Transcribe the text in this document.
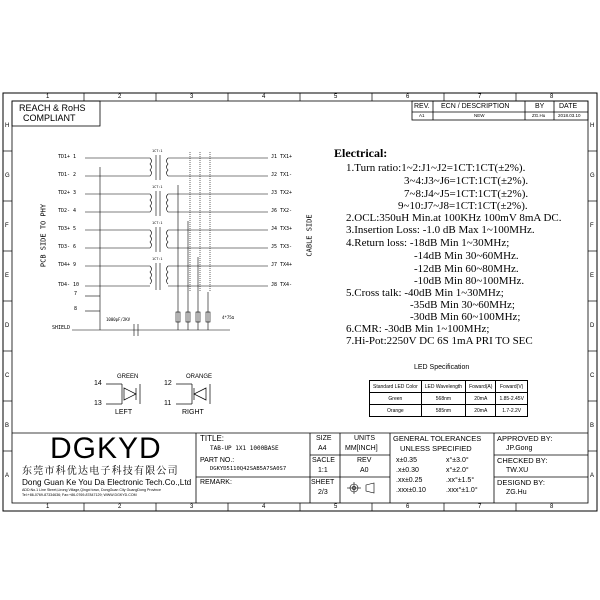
1
1
2
2
3
3
4
4
5
5
6
6
7
7
8
8
H	H
G	G
F	F
E	E
D	D
C	C
B	B
A	A
REACH & RoHS
COMPLIANT
REV. ECN / DESCRIPTION	BY DATE
A1	NEW	ZG.Hu	2018.03.10
PCB SIDE TO PHY	CABLE SIDE
TD1+ 1
TD1- 2
TD2+ 3
TD2- 4
TD3+ 5
TD3- 6
TD4+ 9
TD4- 10
J1 TX1+
J2 TX1-
J3 TX2+
J6 TX2-
J4 TX3+
J5 TX3-
J7 TX4+
J8 TX4-
1CT:1
1CT:1
1CT:1
1CT:1
7
8
SHIELD
1000pF/2KV	4*75Ω
GREEN	ORANGE
14
13
12
11
LEFT	RIGHT
Electrical:
1.Turn ratio:1~2:J1~J2=1CT:1CT(±2%).
3~4:J3~J6=1CT:1CT(±2%).
7~8:J4~J5=1CT:1CT(±2%).
9~10:J7~J8=1CT:1CT(±2%).
2.OCL:350uH Min.at 100KHz 100mV 8mA DC.
3.Insertion Loss: -1.0 dB Max 1~100MHz.
4.Return loss: -18dB Min 1~30MHz;
-14dB Min 30~60MHz.
-12dB Min 60~80MHz.
-10dB Min 80~100MHz.
5.Cross talk: -40dB Min 1~30MHz;
-35dB Min 30~60MHz;
-30dB Min 60~100MHz;
6.CMR: -30dB Min 1~100MHz;
7.Hi-Pot:2250V DC 6S 1mA PRI TO SEC
LED Specification
Standard LED Color	LED Wavelength	Foward(A)	Foward(V)
Green	568nm	20mA	1.85-2.45V
Orange	585nm	20mA	1.7-2.2V
DGKYD
东莞市科优达电子科技有限公司
Dong Guan Ke You Da Electronic Tech.Co.,Ltd
ADD:No.1 Line Street,Lirong Village,Qingxi town, DongGuan City GuangDong Province
Tel:+86-0769-87334636; Fax:+86-0769-87847129; WWW.DGKYD.COM
TITLE:
TAB-UP 1X1 1000BASE
PART NO.:
DGKYD5110Q42SAB5A7SA0S7
REMARK:
SIZE
A4
SACLE
1:1
SHEET
2/3
UNITS
MM[INCH]
REV
A0
GENERAL TOLERANCES
UNLESS SPECIFIED
x±0.35	x°±3.0°
.x±0.30	x°±2.0°
.xx±0.25	.xx°±1.5°
.xxx±0.10	.xxx°±1.0°
APPROVED BY:
JP.Gong
CHECKED BY:
TW.XU
DESIGND BY:
ZG.Hu
